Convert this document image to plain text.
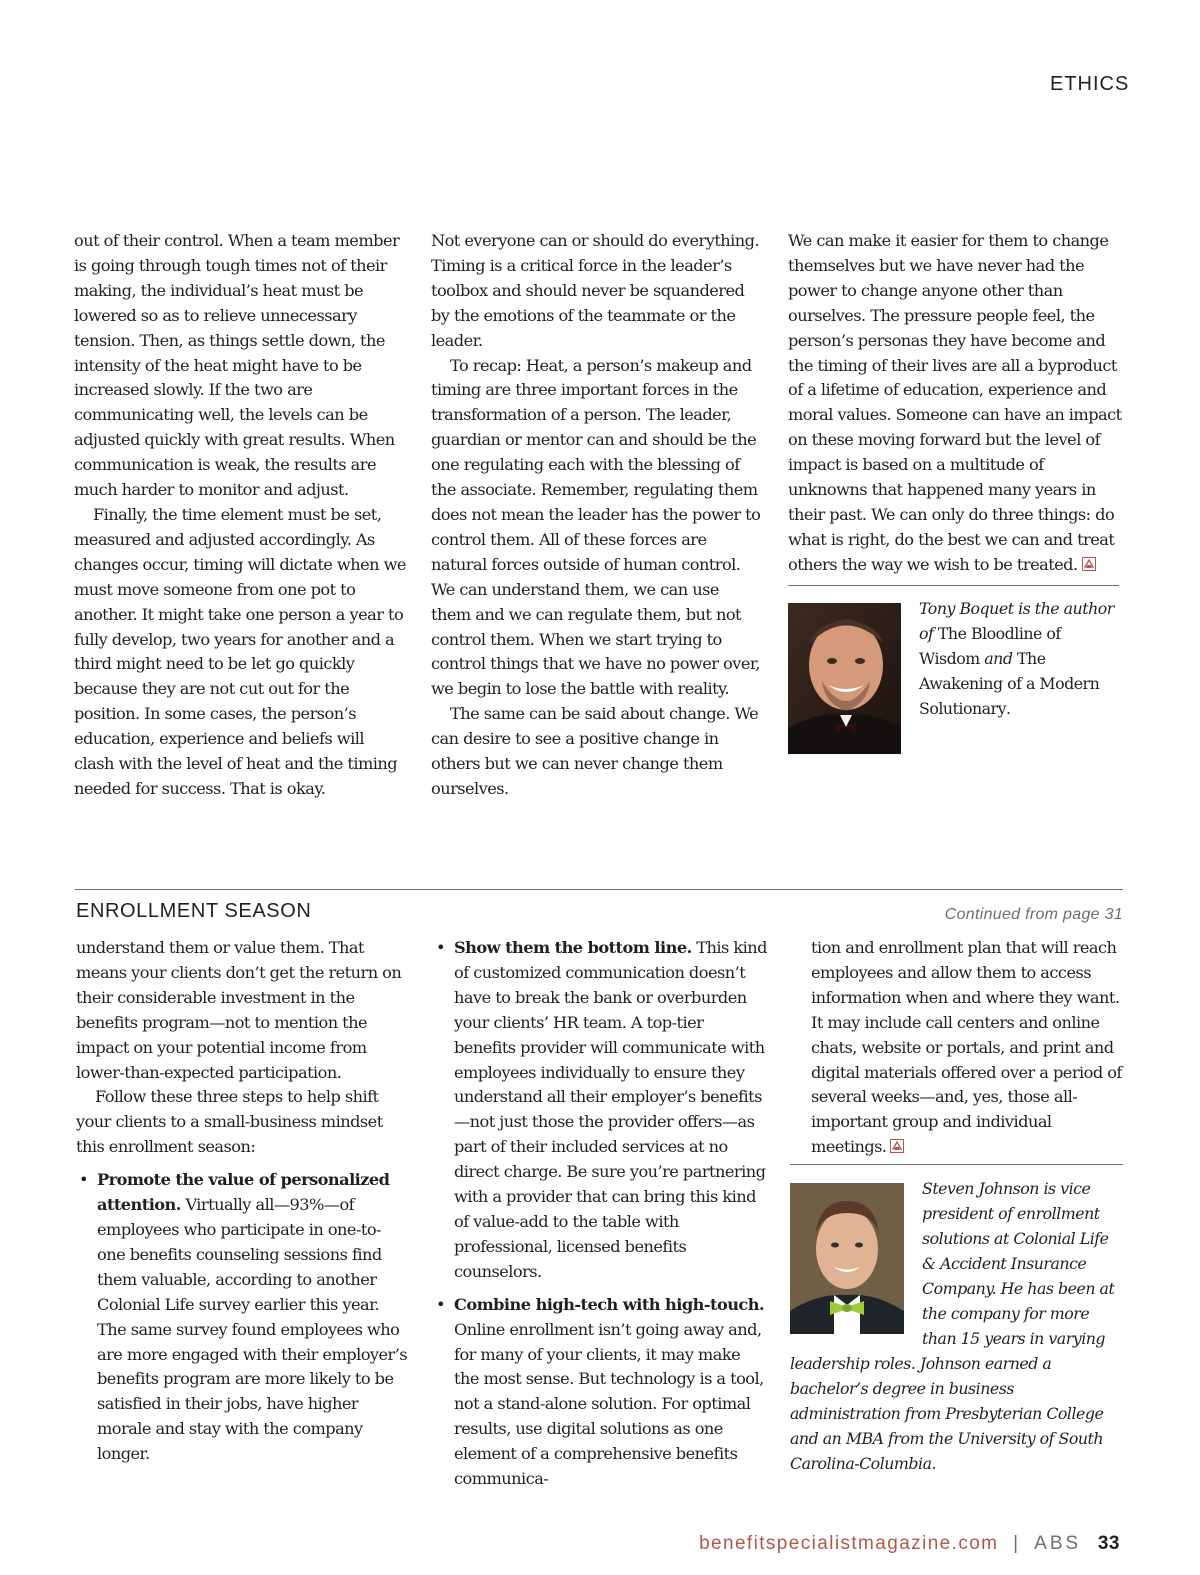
ETHICS

out of their control. When a team member is going through tough times not of their making, the individual’s heat must be lowered so as to relieve unnecessary tension. Then, as things settle down, the intensity of the heat might have to be increased slowly. If the two are communicating well, the levels can be adjusted quickly with great results. When communication is weak, the results are much harder to monitor and adjust.

Finally, the time element must be set, measured and adjusted accordingly. As changes occur, timing will dictate when we must move someone from one pot to another. It might take one person a year to fully develop, two years for another and a third might need to be let go quickly because they are not cut out for the position. In some cases, the person’s education, experience and beliefs will clash with the level of heat and the timing needed for success. That is okay.

Not everyone can or should do everything. Timing is a critical force in the leader’s toolbox and should never be squandered by the emotions of the teammate or the leader.

To recap: Heat, a person’s makeup and timing are three important forces in the transformation of a person. The leader, guardian or mentor can and should be the one regulating each with the blessing of the associate. Remember, regulating them does not mean the leader has the power to control them. All of these forces are natural forces outside of human control. We can understand them, we can use them and we can regulate them, but not control them. When we start trying to control things that we have no power over, we begin to lose the battle with reality.

The same can be said about change. We can desire to see a positive change in others but we can never change them ourselves.

We can make it easier for them to change themselves but we have never had the power to change anyone other than ourselves. The pressure people feel, the person’s personas they have become and the timing of their lives are all a byproduct of a lifetime of education, experience and moral values. Someone can have an impact on these moving forward but the level of impact is based on a multitude of unknowns that happened many years in their past. We can only do three things: do what is right, do the best we can and treat others the way we wish to be treated.

Tony Boquet is the author of The Bloodline of Wisdom and The Awakening of a Modern Solutionary.
ENROLLMENT SEASON	Continued from page 31

understand them or value them. That means your clients don’t get the return on their considerable investment in the benefits program—not to mention the impact on your potential income from lower-than-expected participation.

Follow these three steps to help shift your clients to a small-business mindset this enrollment season:

• Promote the value of personalized attention. Virtually all—93%—of employees who participate in one-to-one benefits counseling sessions find them valuable, according to another Colonial Life survey earlier this year. The same survey found employees who are more engaged with their employer’s benefits program are more likely to be satisfied in their jobs, have higher morale and stay with the company longer.
• Show them the bottom line. This kind of customized communication doesn’t have to break the bank or overburden your clients’ HR team. A top-tier benefits provider will communicate with employees individually to ensure they understand all their employer’s benefits—not just those the provider offers—as part of their included services at no direct charge. Be sure you’re partnering with a provider that can bring this kind of value-add to the table with professional, licensed benefits counselors.
• Combine high-tech with high-touch. Online enrollment isn’t going away and, for many of your clients, it may make the most sense. But technology is a tool, not a stand-alone solution. For optimal results, use digital solutions as one element of a comprehensive benefits communica-

tion and enrollment plan that will reach employees and allow them to access information when and where they want. It may include call centers and online chats, website or portals, and print and digital materials offered over a period of several weeks—and, yes, those all-important group and individual meetings.

Steven Johnson is vice president of enrollment solutions at Colonial Life & Accident Insurance Company. He has been at the company for more than 15 years in varying leadership roles. Johnson earned a bachelor’s degree in business administration from Presbyterian College and an MBA from the University of South Carolina-Columbia.
benefitspecialistmagazine.com | ABS 33
